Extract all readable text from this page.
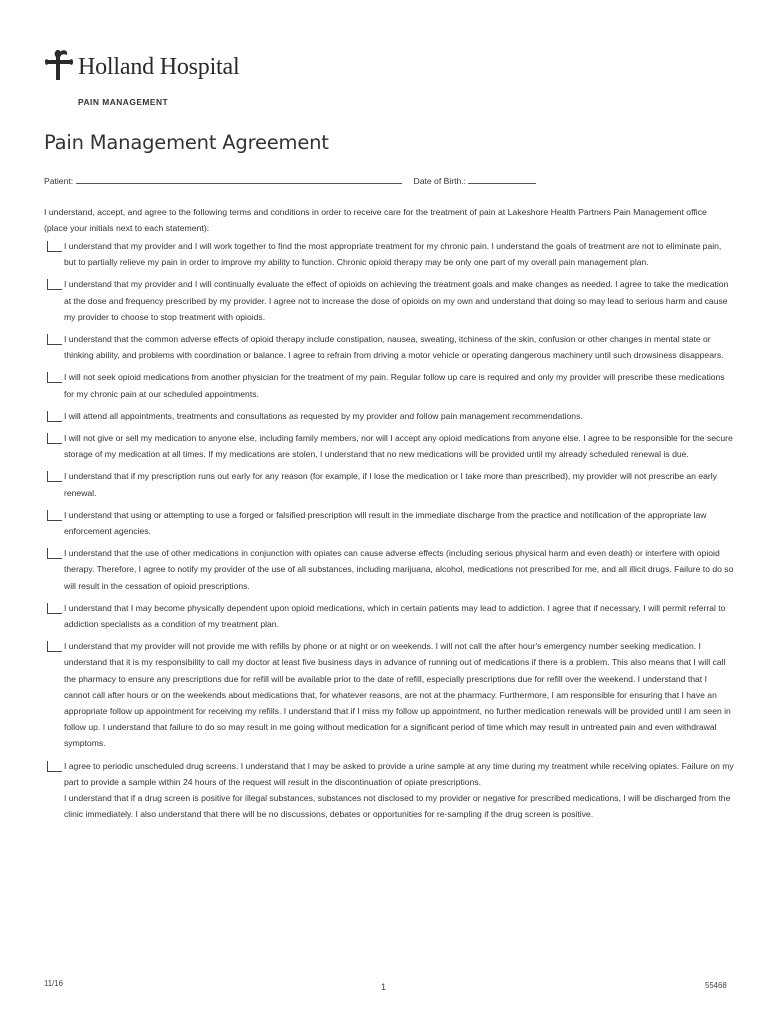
Holland Hospital
PAIN MANAGEMENT
Pain Management Agreement
Patient:	Date of Birth.:
I understand, accept, and agree to the following terms and conditions in order to receive care for the treatment of pain at Lakeshore Health Partners Pain Management office (place your initials next to each statement):

I understand that my provider and I will work together to find the most appropriate treatment for my chronic pain. I understand the goals of treatment are not to eliminate pain, but to partially relieve my pain in order to improve my ability to function. Chronic opioid therapy may be only one part of my overall pain management plan.

I understand that my provider and I will continually evaluate the effect of opioids on achieving the treatment goals and make changes as needed. I agree to take the medication at the dose and frequency prescribed by my provider. I agree not to increase the dose of opioids on my own and understand that doing so may lead to serious harm and cause my provider to choose to stop treatment with opioids.

I understand that the common adverse effects of opioid therapy include constipation, nausea, sweating, itchiness of the skin, confusion or other changes in mental state or thinking ability, and problems with coordination or balance. I agree to refrain from driving a motor vehicle or operating dangerous machinery until such drowsiness disappears.

I will not seek opioid medications from another physician for the treatment of my pain. Regular follow up care is required and only my provider will prescribe these medications for my chronic pain at our scheduled appointments.

I will attend all appointments, treatments and consultations as requested by my provider and follow pain management recommendations.

I will not give or sell my medication to anyone else, including family members, nor will I accept any opioid medications from anyone else. I agree to be responsible for the secure storage of my medication at all times. If my medications are stolen, I understand that no new medications will be provided until my already scheduled renewal is due.

I understand that if my prescription runs out early for any reason (for example, if I lose the medication or I take more than prescribed), my provider will not prescribe an early renewal.

I understand that using or attempting to use a forged or falsified prescription will result in the immediate discharge from the practice and notification of the appropriate law enforcement agencies.

I understand that the use of other medications in conjunction with opiates can cause adverse effects (including serious physical harm and even death) or interfere with opioid therapy. Therefore, I agree to notify my provider of the use of all substances, including marijuana, alcohol, medications not prescribed for me, and all illicit drugs. Failure to do so will result in the cessation of opioid prescriptions.

I understand that I may become physically dependent upon opioid medications, which in certain patients may lead to addiction. I agree that if necessary, I will permit referral to addiction specialists as a condition of my treatment plan.

I understand that my provider will not provide me with refills by phone or at night or on weekends. I will not call the after hour's emergency number seeking medication. I understand that it is my responsibility to call my doctor at least five business days in advance of running out of medications if there is a problem. This also means that I will call the pharmacy to ensure any prescriptions due for refill will be available prior to the date of refill, especially prescriptions due for refill over the weekend. I understand that I cannot call after hours or on the weekends about medications that, for whatever reasons, are not at the pharmacy. Furthermore, I am responsible for ensuring that I have an appropriate follow up appointment for receiving my refills. I understand that if I miss my follow up appointment, no further medication renewals will be provided until I am seen in follow up. I understand that failure to do so may result in me going without medication for a significant period of time which may result in untreated pain and even withdrawal symptoms.

I agree to periodic unscheduled drug screens. I understand that I may be asked to provide a urine sample at any time during my treatment while receiving opiates. Failure on my part to provide a sample within 24 hours of the request will result in the discontinuation of opiate prescriptions.

I understand that if a drug screen is positive for illegal substances, substances not disclosed to my provider or negative for prescribed medications, I will be discharged from the clinic immediately. I also understand that there will be no discussions, debates or opportunities for re-sampling if the drug screen is positive.

11/16	1	55468
